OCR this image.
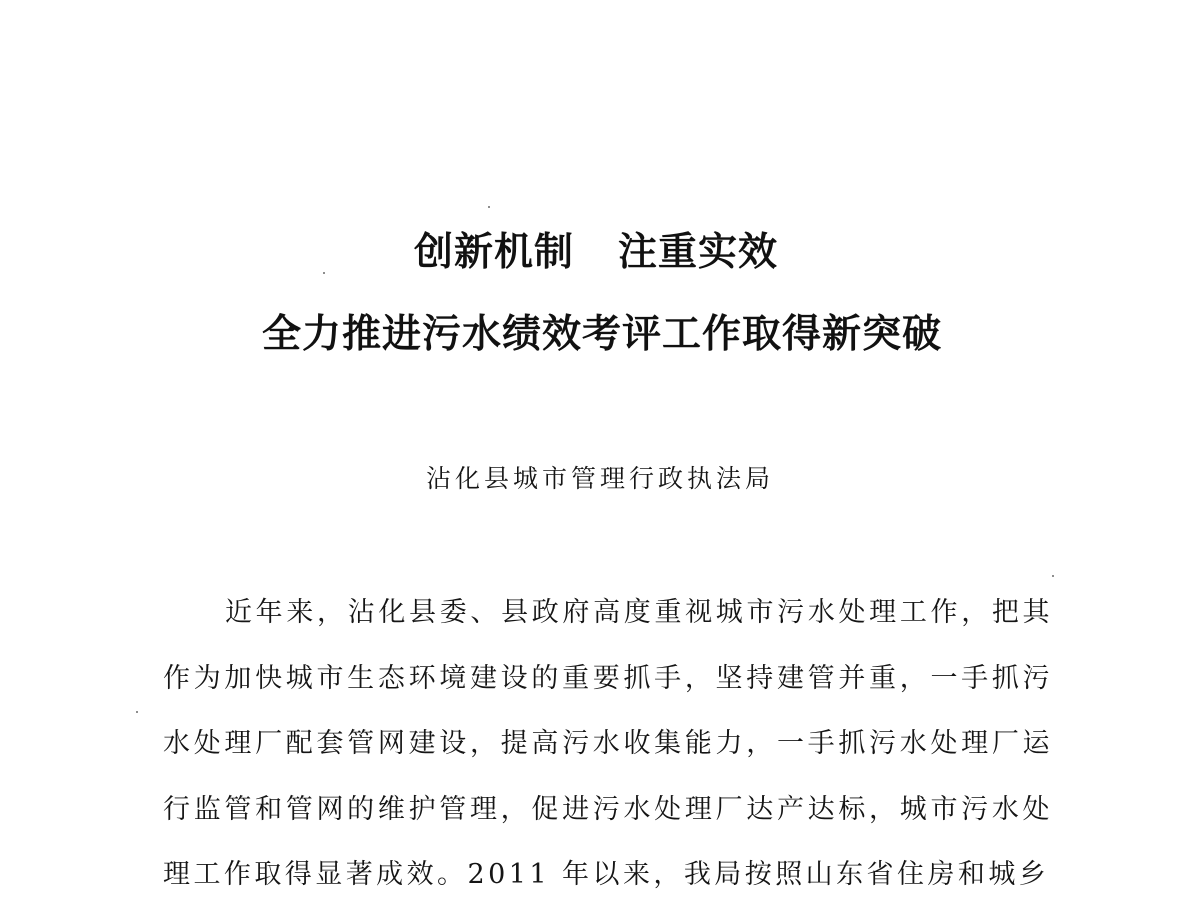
创新机制 注重实效
全力推进污水绩效考评工作取得新突破
沾化县城市管理行政执法局

近年来，沾化县委、县政府高度重视城市污水处理工作，把其作为加快城市生态环境建设的重要抓手，坚持建管并重，一手抓污水处理厂配套管网建设，提高污水收集能力，一手抓污水处理厂运行监管和管网的维护管理，促进污水处理厂达产达标，城市污水处理工作取得显著成效。2011 年以来，我局按照山东省住房和城乡
